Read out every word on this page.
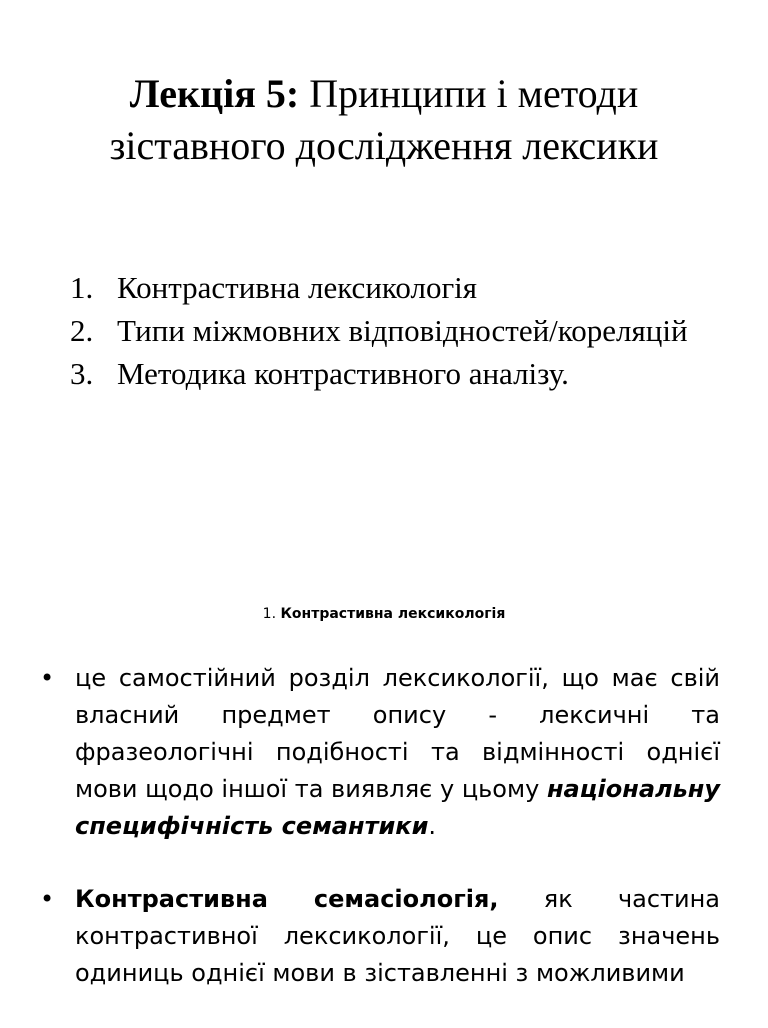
Лекція 5: Принципи і методи зіставного дослідження лексики
1. Контрастивна лексикологія
2. Типи міжмовних відповідностей/кореляцій
3. Методика контрастивного аналізу.
1. Контрастивна лексикологія
• це самостійний розділ лексикології, що має свій власний предмет опису - лексичні та фразеологічні подібності та відмінності однієї мови щодо іншої та виявляє у цьому національну специфічність семантики.
• Контрастивна семасіологія, як частина контрастивної лексикології, це опис значень одиниць однієї мови в зіставленні з можливими
